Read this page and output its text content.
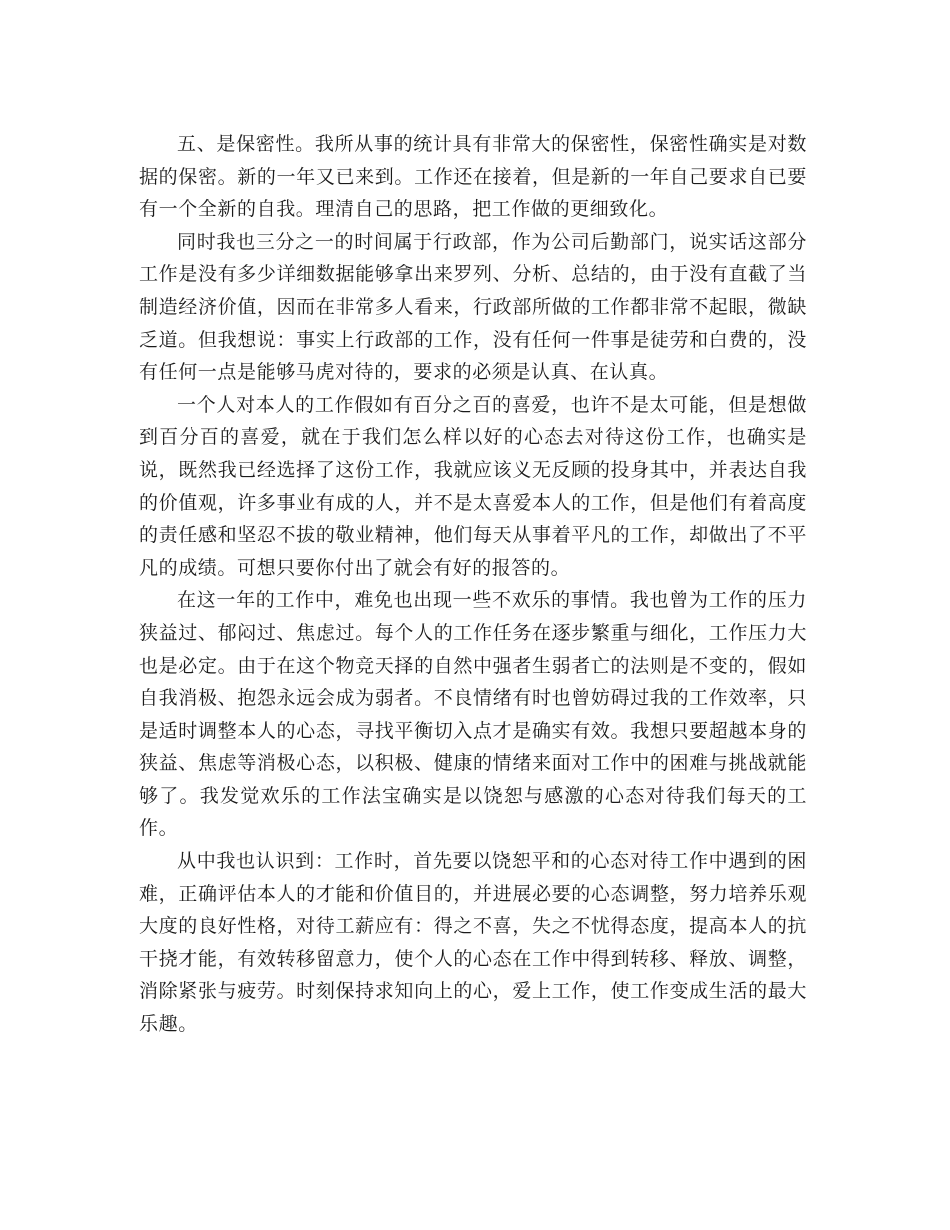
五、是保密性。我所从事的统计具有非常大的保密性，保密性确实是对数据的保密。新的一年又已来到。工作还在接着，但是新的一年自己要求自已要有一个全新的自我。理清自己的思路，把工作做的更细致化。

同时我也三分之一的时间属于行政部，作为公司后勤部门，说实话这部分工作是没有多少详细数据能够拿出来罗列、分析、总结的，由于没有直截了当制造经济价值，因而在非常多人看来，行政部所做的工作都非常不起眼，微缺乏道。但我想说：事实上行政部的工作，没有任何一件事是徒劳和白费的，没有任何一点是能够马虎对待的，要求的必须是认真、在认真。

一个人对本人的工作假如有百分之百的喜爱，也许不是太可能，但是想做到百分百的喜爱，就在于我们怎么样以好的心态去对待这份工作，也确实是说，既然我已经选择了这份工作，我就应该义无反顾的投身其中，并表达自我的价值观，许多事业有成的人，并不是太喜爱本人的工作，但是他们有着高度的责任感和坚忍不拔的敬业精神，他们每天从事着平凡的工作，却做出了不平凡的成绩。可想只要你付出了就会有好的报答的。

在这一年的工作中，难免也出现一些不欢乐的事情。我也曾为工作的压力狭益过、郁闷过、焦虑过。每个人的工作任务在逐步繁重与细化，工作压力大也是必定。由于在这个物竞天择的自然中强者生弱者亡的法则是不变的，假如自我消极、抱怨永远会成为弱者。不良情绪有时也曾妨碍过我的工作效率，只是适时调整本人的心态，寻找平衡切入点才是确实有效。我想只要超越本身的狭益、焦虑等消极心态，以积极、健康的情绪来面对工作中的困难与挑战就能够了。我发觉欢乐的工作法宝确实是以饶恕与感激的心态对待我们每天的工作。

从中我也认识到：工作时，首先要以饶恕平和的心态对待工作中遇到的困难，正确评估本人的才能和价值目的，并进展必要的心态调整，努力培养乐观大度的良好性格，对待工薪应有：得之不喜，失之不忧得态度，提高本人的抗干挠才能，有效转移留意力，使个人的心态在工作中得到转移、释放、调整，消除紧张与疲劳。时刻保持求知向上的心，爱上工作，使工作变成生活的最大乐趣。
